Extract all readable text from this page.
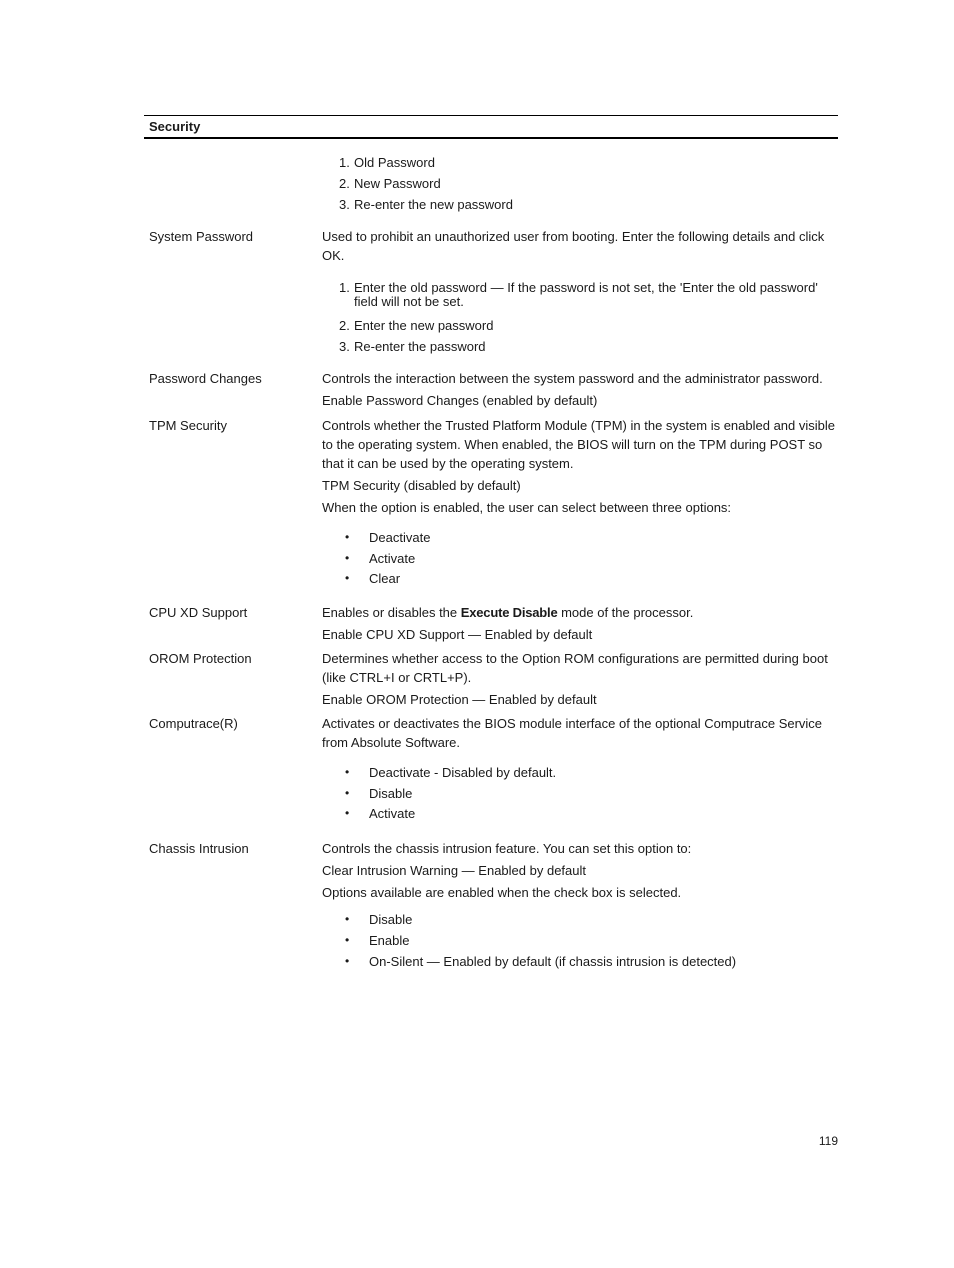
Security
1. Old Password
2. New Password
3. Re-enter the new password
System Password	Used to prohibit an unauthorized user from booting. Enter the following details and click OK.

1. Enter the old password — If the password is not set, the 'Enter the old password' field will not be set.
2. Enter the new password
3. Re-enter the password
Password Changes	Controls the interaction between the system password and the administrator password.

Enable Password Changes (enabled by default)

TPM Security	Controls whether the Trusted Platform Module (TPM) in the system is enabled and visible to the operating system. When enabled, the BIOS will turn on the TPM during POST so that it can be used by the operating system.

TPM Security (disabled by default)

When the option is enabled, the user can select between three options:

• Deactivate
• Activate
• Clear
CPU XD Support	Enables or disables the Execute Disable mode of the processor.

Enable CPU XD Support — Enabled by default

OROM Protection	Determines whether access to the Option ROM configurations are permitted during boot (like CTRL+I or CRTL+P).

Enable OROM Protection — Enabled by default

Computrace(R)	Activates or deactivates the BIOS module interface of the optional Computrace Service from Absolute Software.

• Deactivate - Disabled by default.
• Disable
• Activate
Chassis Intrusion	Controls the chassis intrusion feature. You can set this option to:

Clear Intrusion Warning — Enabled by default

Options available are enabled when the check box is selected.

• Disable
• Enable
• On-Silent — Enabled by default (if chassis intrusion is detected)
119
